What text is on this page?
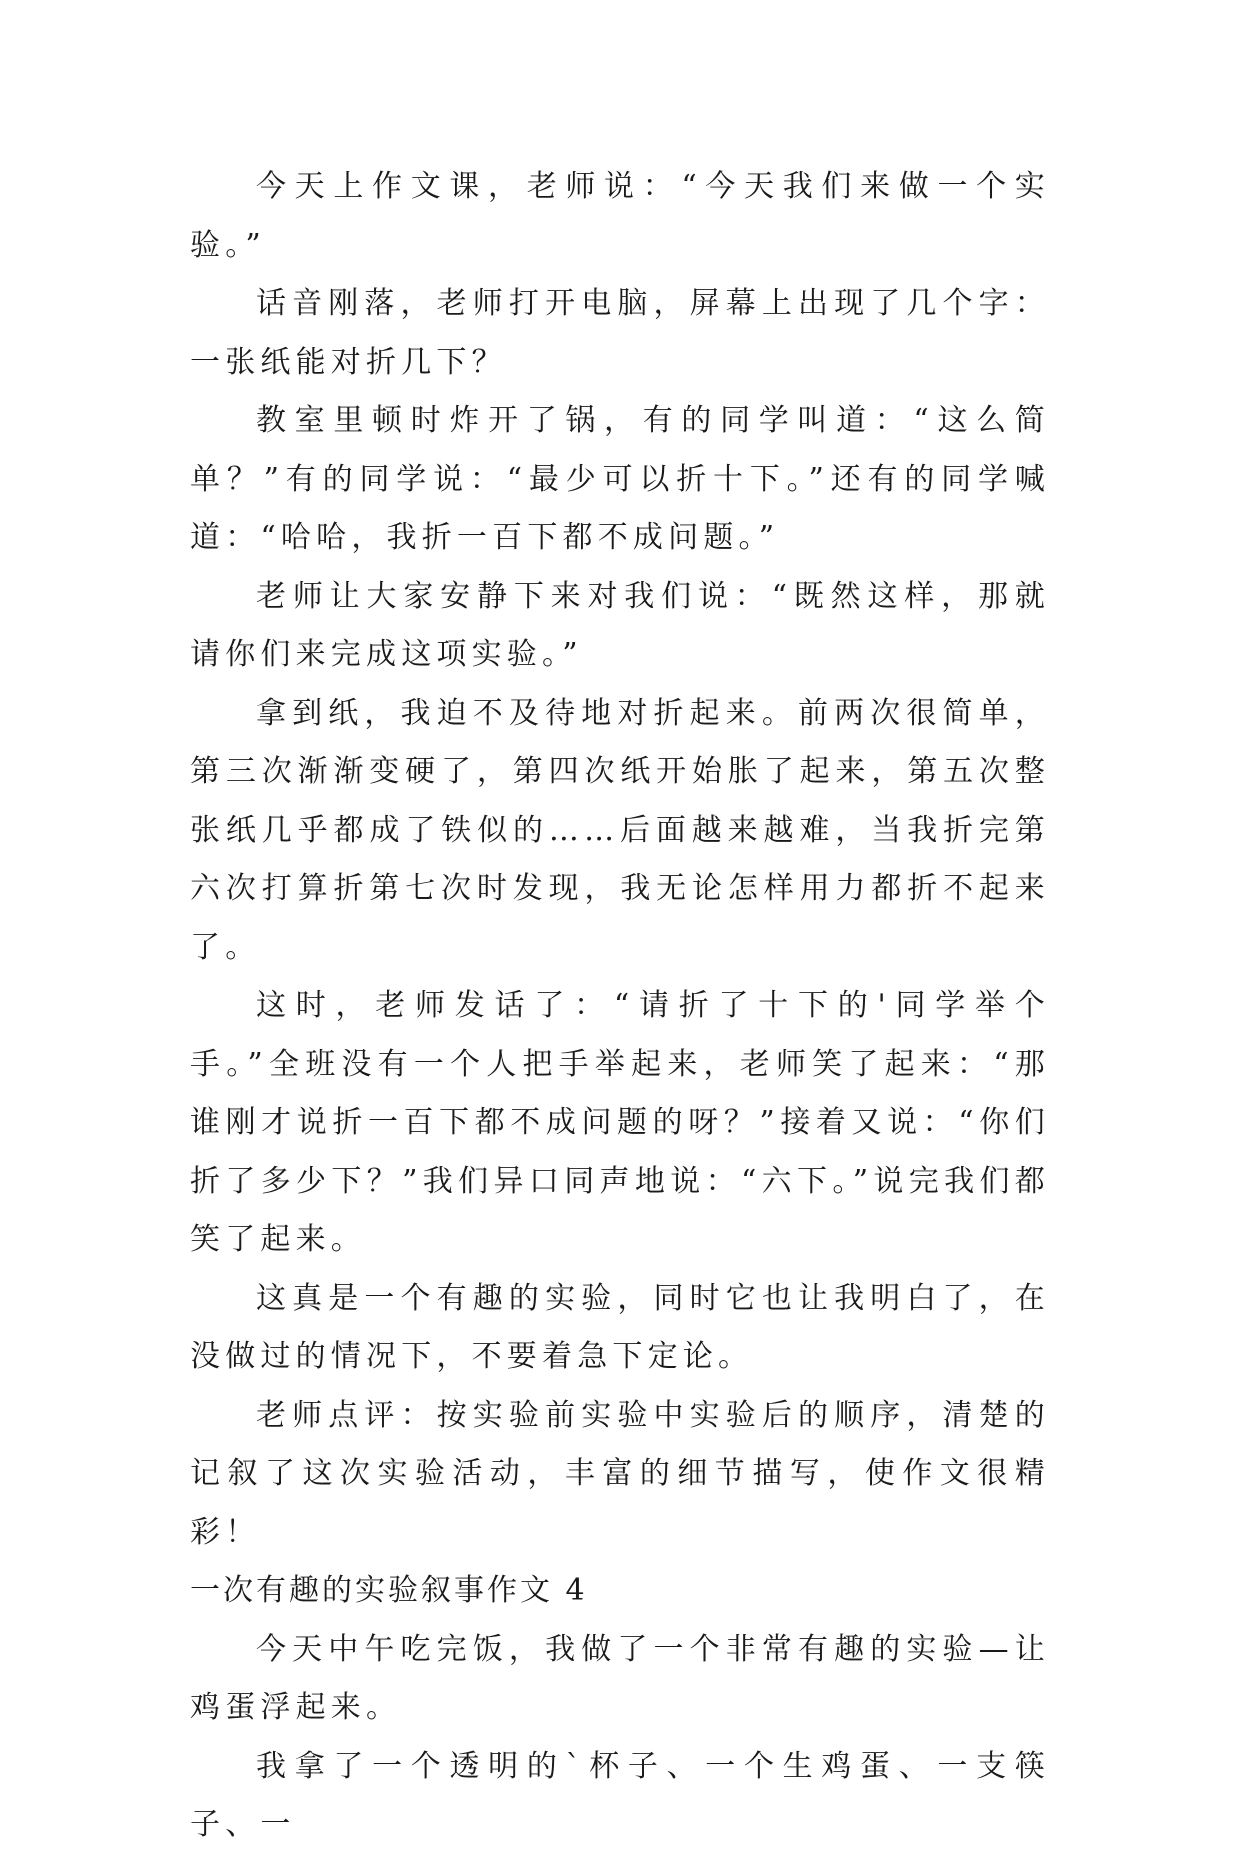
今天上作文课，老师说：“今天我们来做一个实验。”

话音刚落，老师打开电脑，屏幕上出现了几个字：一张纸能对折几下？

教室里顿时炸开了锅，有的同学叫道：“这么简单？”有的同学说：“最少可以折十下。”还有的同学喊道：“哈哈，我折一百下都不成问题。”

老师让大家安静下来对我们说：“既然这样，那就请你们来完成这项实验。”

拿到纸，我迫不及待地对折起来。前两次很简单，第三次渐渐变硬了，第四次纸开始胀了起来，第五次整张纸几乎都成了铁似的……后面越来越难，当我折完第六次打算折第七次时发现，我无论怎样用力都折不起来了。

这时，老师发话了：“请折了十下的'同学举个手。”全班没有一个人把手举起来，老师笑了起来：“那谁刚才说折一百下都不成问题的呀？”接着又说：“你们折了多少下？”我们异口同声地说：“六下。”说完我们都笑了起来。

这真是一个有趣的实验，同时它也让我明白了，在没做过的情况下，不要着急下定论。

老师点评：按实验前实验中实验后的顺序，清楚的记叙了这次实验活动，丰富的细节描写，使作文很精彩！

一次有趣的实验叙事作文 4

今天中午吃完饭，我做了一个非常有趣的实验—让鸡蛋浮起来。

我拿了一个透明的`杯子、一个生鸡蛋、一支筷子、一
